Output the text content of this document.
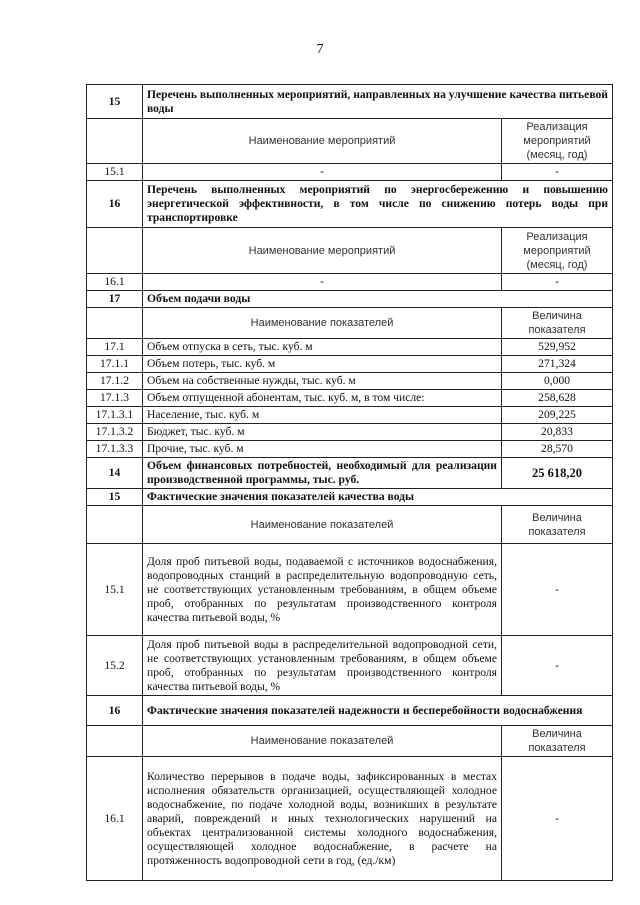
7
15	Перечень выполненных мероприятий, направленных на улучшение качества питьевой воды	
	Наименование мероприятий	Реализация мероприятий (месяц, год)
15.1	-	-
16	Перечень выполненных мероприятий по энергосбережению и повышению энергетической эффективности, в том числе по снижению потерь воды при транспортировке	
	Наименование мероприятий	Реализация мероприятий (месяц, год)
16.1	-	-
17	Объем подачи воды	
	Наименование показателей	Величина показателя
17.1	Объем отпуска в сеть, тыс. куб. м	529,952
17.1.1	Объем потерь, тыс. куб. м	271,324
17.1.2	Объем на собственные нужды, тыс. куб. м	0,000
17.1.3	Объем отпущенной абонентам, тыс. куб. м, в том числе:	258,628
17.1.3.1	Население, тыс. куб. м	209,225
17.1.3.2	Бюджет, тыс. куб. м	20,833
17.1.3.3	Прочие, тыс. куб. м	28,570
14	Объем финансовых потребностей, необходимый для реализации производственной программы, тыс. руб.	25 618,20
15	Фактические значения показателей качества воды	
	Наименование показателей	Величина показателя
15.1	Доля проб питьевой воды, подаваемой с источников водоснабжения, водопроводных станций в распределительную водопроводную сеть, не соответствующих установленным требованиям, в общем объеме проб, отобранных по результатам производственного контроля качества питьевой воды, %	-
15.2	Доля проб питьевой воды в распределительной водопроводной сети, не соответствующих установленным требованиям, в общем объеме проб, отобранных по результатам производственного контроля качества питьевой воды, %	-
16	Фактические значения показателей надежности и бесперебойности водоснабжения	
	Наименование показателей	Величина показателя
16.1	Количество перерывов в подаче воды, зафиксированных в местах исполнения обязательств организацией, осуществляющей холодное водоснабжение, по подаче холодной воды, возникших в результате аварий, повреждений и иных технологических нарушений на объектах централизованной системы холодного водоснабжения, осуществляющей холодное водоснабжение, в расчете на протяженность водопроводной сети в год, (ед./км)	-
